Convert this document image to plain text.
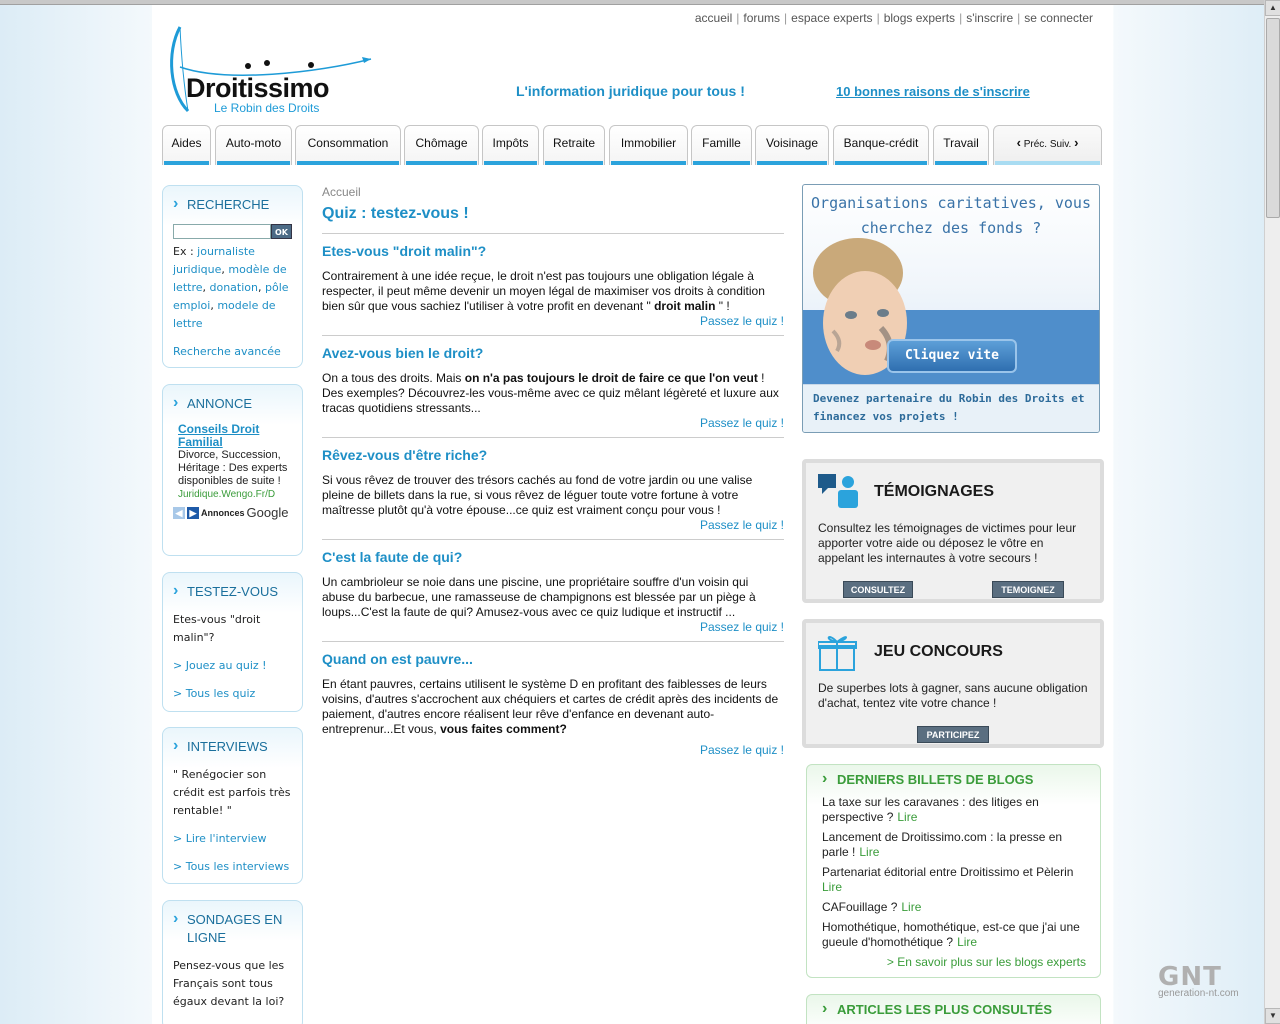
accueil | forums | espace experts | blogs experts | s'inscrire | se connecter
Droitissimo
Le Robin des Droits
L'information juridique pour tous !	10 bonnes raisons de s'inscrire
Aides	Auto-moto	Consommation	Chômage	Impôts	Retraite	Immobilier	Famille	Voisinage	Banque-crédit	Travail	‹ Préc. Suiv. ›
› RECHERCHE
OK
Ex : journaliste juridique, modèle de lettre, donation, pôle emploi, modele de lettre
Recherche avancée
› ANNONCE
Conseils Droit Familial
Divorce, Succession, Héritage : Des experts disponibles de suite !
Juridique.Wengo.Fr/D
◀ ▶ Annonces Google
› TESTEZ-VOUS
Etes-vous "droit malin"?
> Jouez au quiz !
> Tous les quiz
› INTERVIEWS
" Renégocier son crédit est parfois très rentable! "
> Lire l'interview
> Tous les interviews
› SONDAGES EN LIGNE
Pensez-vous que les Français sont tous égaux devant la loi?
Accueil
Quiz : testez-vous !
Etes-vous "droit malin"?

Contrairement à une idée reçue, le droit n'est pas toujours une obligation légale à respecter, il peut même devenir un moyen légal de maximiser vos droits à condition bien sûr que vous sachiez l'utiliser à votre profit en devenant " droit malin " !

Passez le quiz !
Avez-vous bien le droit?

On a tous des droits. Mais on n'a pas toujours le droit de faire ce que l'on veut ! Des exemples? Découvrez-les vous-même avec ce quiz mêlant légèreté et luxure aux tracas quotidiens stressants...

Passez le quiz !
Rêvez-vous d'être riche?

Si vous rêvez de trouver des trésors cachés au fond de votre jardin ou une valise pleine de billets dans la rue, si vous rêvez de léguer toute votre fortune à votre maîtresse plutôt qu'à votre épouse...ce quiz est vraiment conçu pour vous !

Passez le quiz !
C'est la faute de qui?

Un cambrioleur se noie dans une piscine, une propriétaire souffre d'un voisin qui abuse du barbecue, une ramasseuse de champignons est blessée par un piège à loups...C'est la faute de qui? Amusez-vous avec ce quiz ludique et instructif ...

Passez le quiz !
Quand on est pauvre...

En étant pauvres, certains utilisent le système D en profitant des faiblesses de leurs voisins, d'autres s'accrochent aux chéquiers et cartes de crédit après des incidents de paiement, d'autres encore réalisent leur rêve d'enfance en devenant auto-entreprenur...Et vous, vous faites comment?

Passez le quiz !
Organisations caritatives, vous cherchez des fonds ?
Cliquez vite
Devenez partenaire du Robin des Droits et financez vos projets !
TÉMOIGNAGES

Consultez les témoignages de victimes pour leur apporter votre aide ou déposez le vôtre en appelant les internautes à votre secours !

CONSULTEZ	TEMOIGNEZ
JEU CONCOURS

De superbes lots à gagner, sans aucune obligation d'achat, tentez vite votre chance !

PARTICIPEZ
› DERNIERS BILLETS DE BLOGS
La taxe sur les caravanes : des litiges en perspective ? Lire
Lancement de Droitissimo.com : la presse en parle ! Lire
Partenariat éditorial entre Droitissimo et Pèlerin Lire
CAFouillage ? Lire
Homothétique, homothétique, est-ce que j'ai une gueule d'homothétique ? Lire
> En savoir plus sur les blogs experts
› ARTICLES LES PLUS CONSULTÉS
GNT
generation-nt.com
▲
▼
